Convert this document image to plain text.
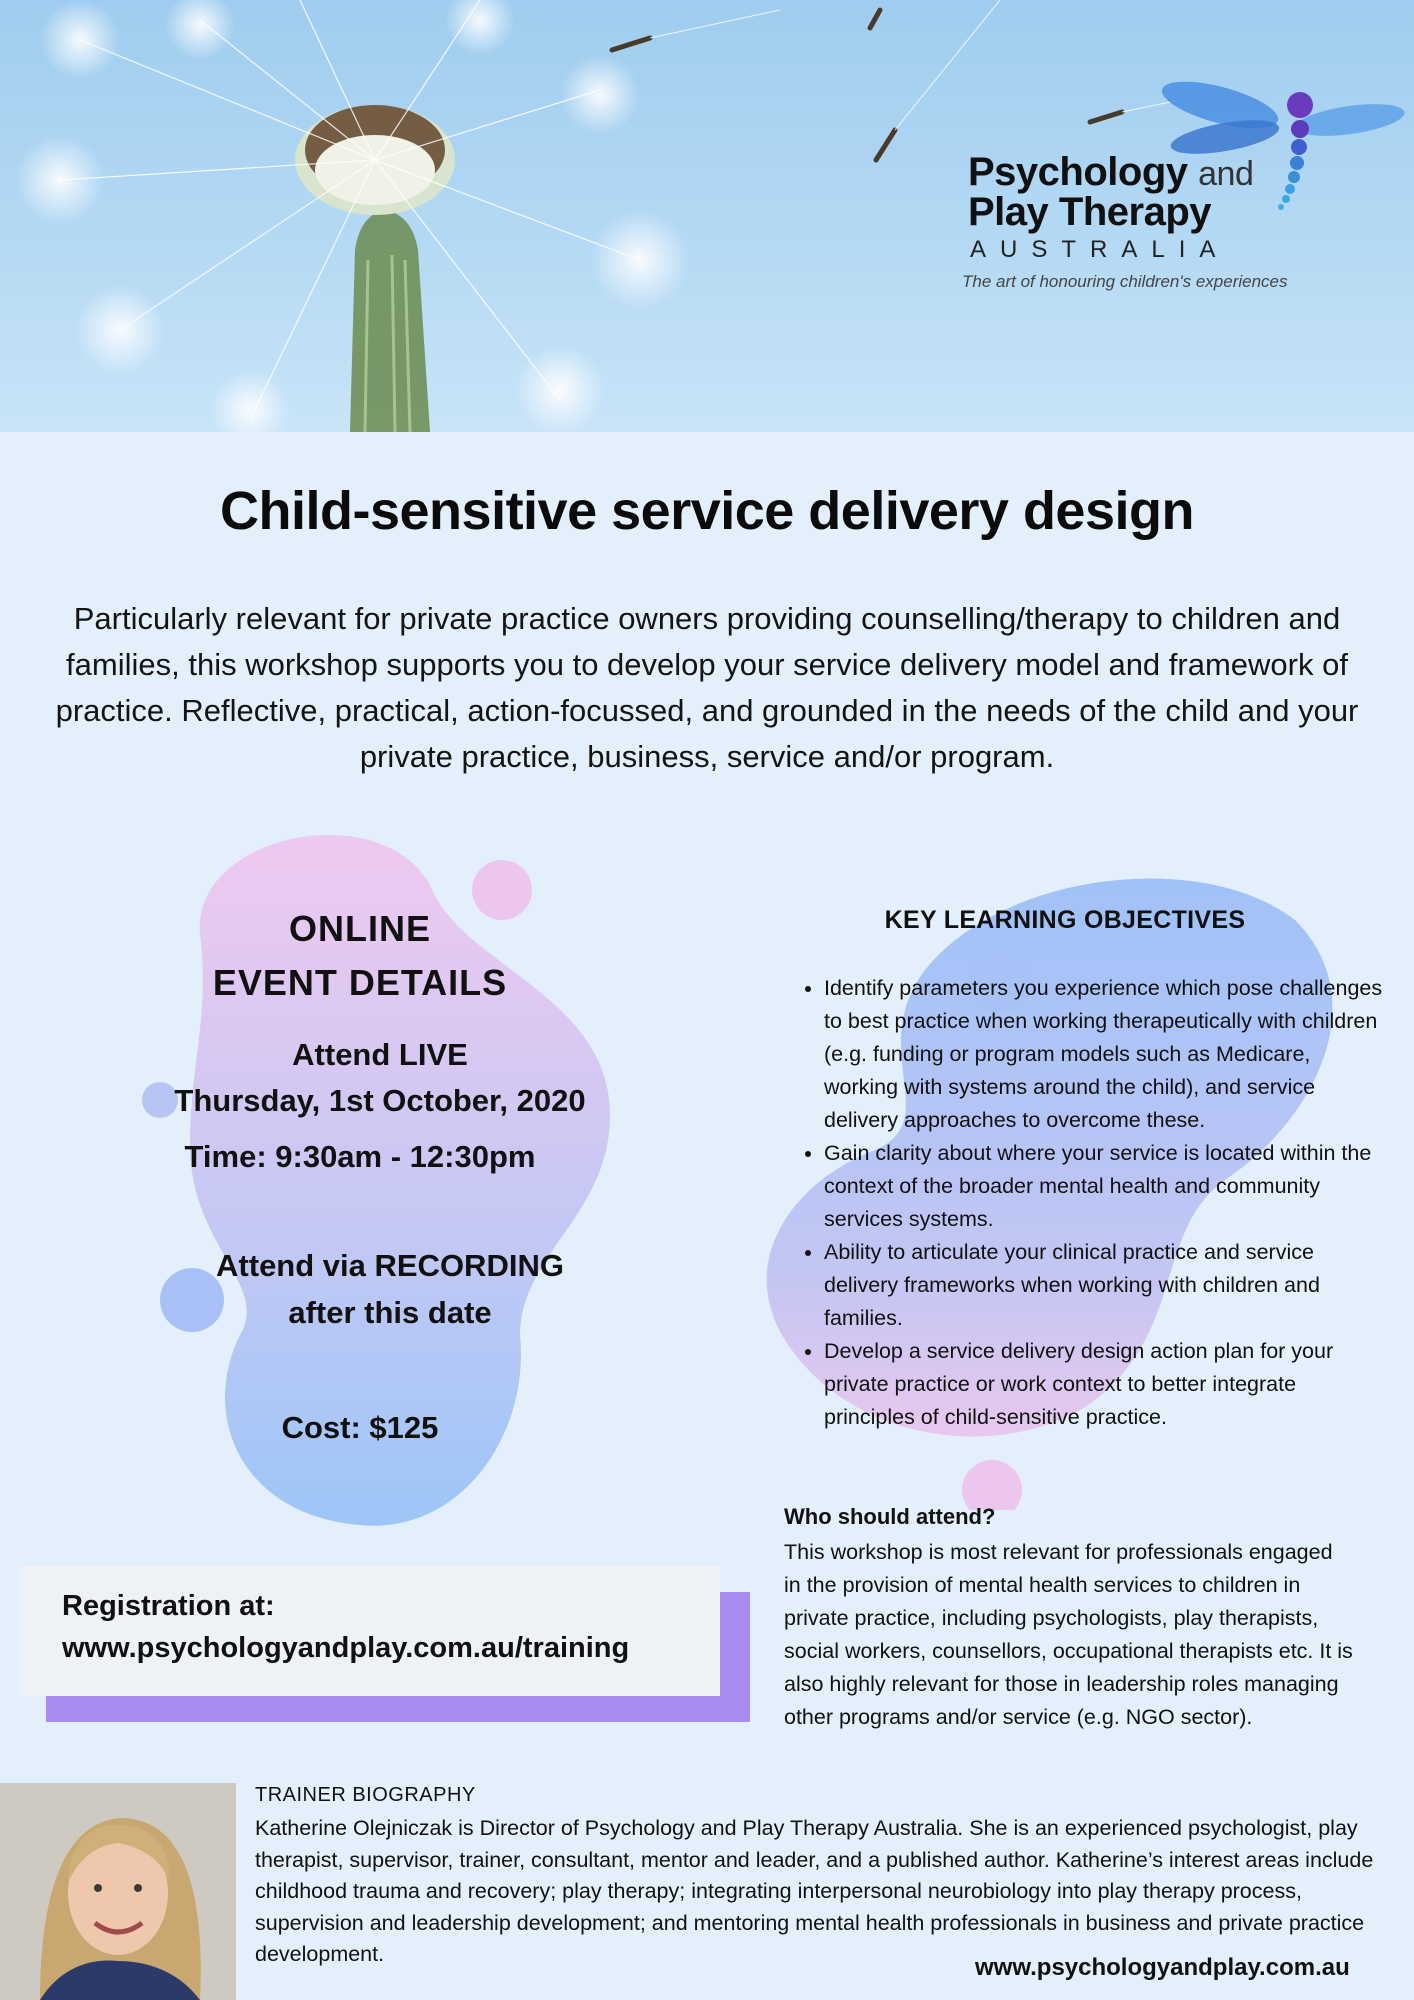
Psychology and
Play Therapy
AUSTRALIA
The art of honouring children's experiences
Child-sensitive service delivery design

Particularly relevant for private practice owners providing counselling/therapy to children and families, this workshop supports you to develop your service delivery model and framework of practice. Reflective, practical, action-focussed, and grounded in the needs of the child and your private practice, business, service and/or program.

ONLINE
EVENT DETAILS
Attend LIVE
Thursday, 1st October, 2020
Time: 9:30am - 12:30pm
Attend via RECORDING
after this date
Cost: $125
KEY LEARNING OBJECTIVES
• Identify parameters you experience which pose challenges to best practice when working therapeutically with children (e.g. funding or program models such as Medicare, working with systems around the child), and service delivery approaches to overcome these.
• Gain clarity about where your service is located within the context of the broader mental health and community services systems.
• Ability to articulate your clinical practice and service delivery frameworks when working with children and families.
• Develop a service delivery design action plan for your private practice or work context to better integrate principles of child-sensitive practice.
Who should attend?
This workshop is most relevant for professionals engaged in the provision of mental health services to children in private practice, including psychologists, play therapists, social workers, counsellors, occupational therapists etc. It is also highly relevant for those in leadership roles managing other programs and/or service (e.g. NGO sector).
Registration at:
www.psychologyandplay.com.au/training
TRAINER BIOGRAPHY
Katherine Olejniczak is Director of Psychology and Play Therapy Australia. She is an experienced psychologist, play therapist, supervisor, trainer, consultant, mentor and leader, and a published author. Katherine’s interest areas include childhood trauma and recovery; play therapy; integrating interpersonal neurobiology into play therapy process, supervision and leadership development; and mentoring mental health professionals in business and private practice development.	www.psychologyandplay.com.au
